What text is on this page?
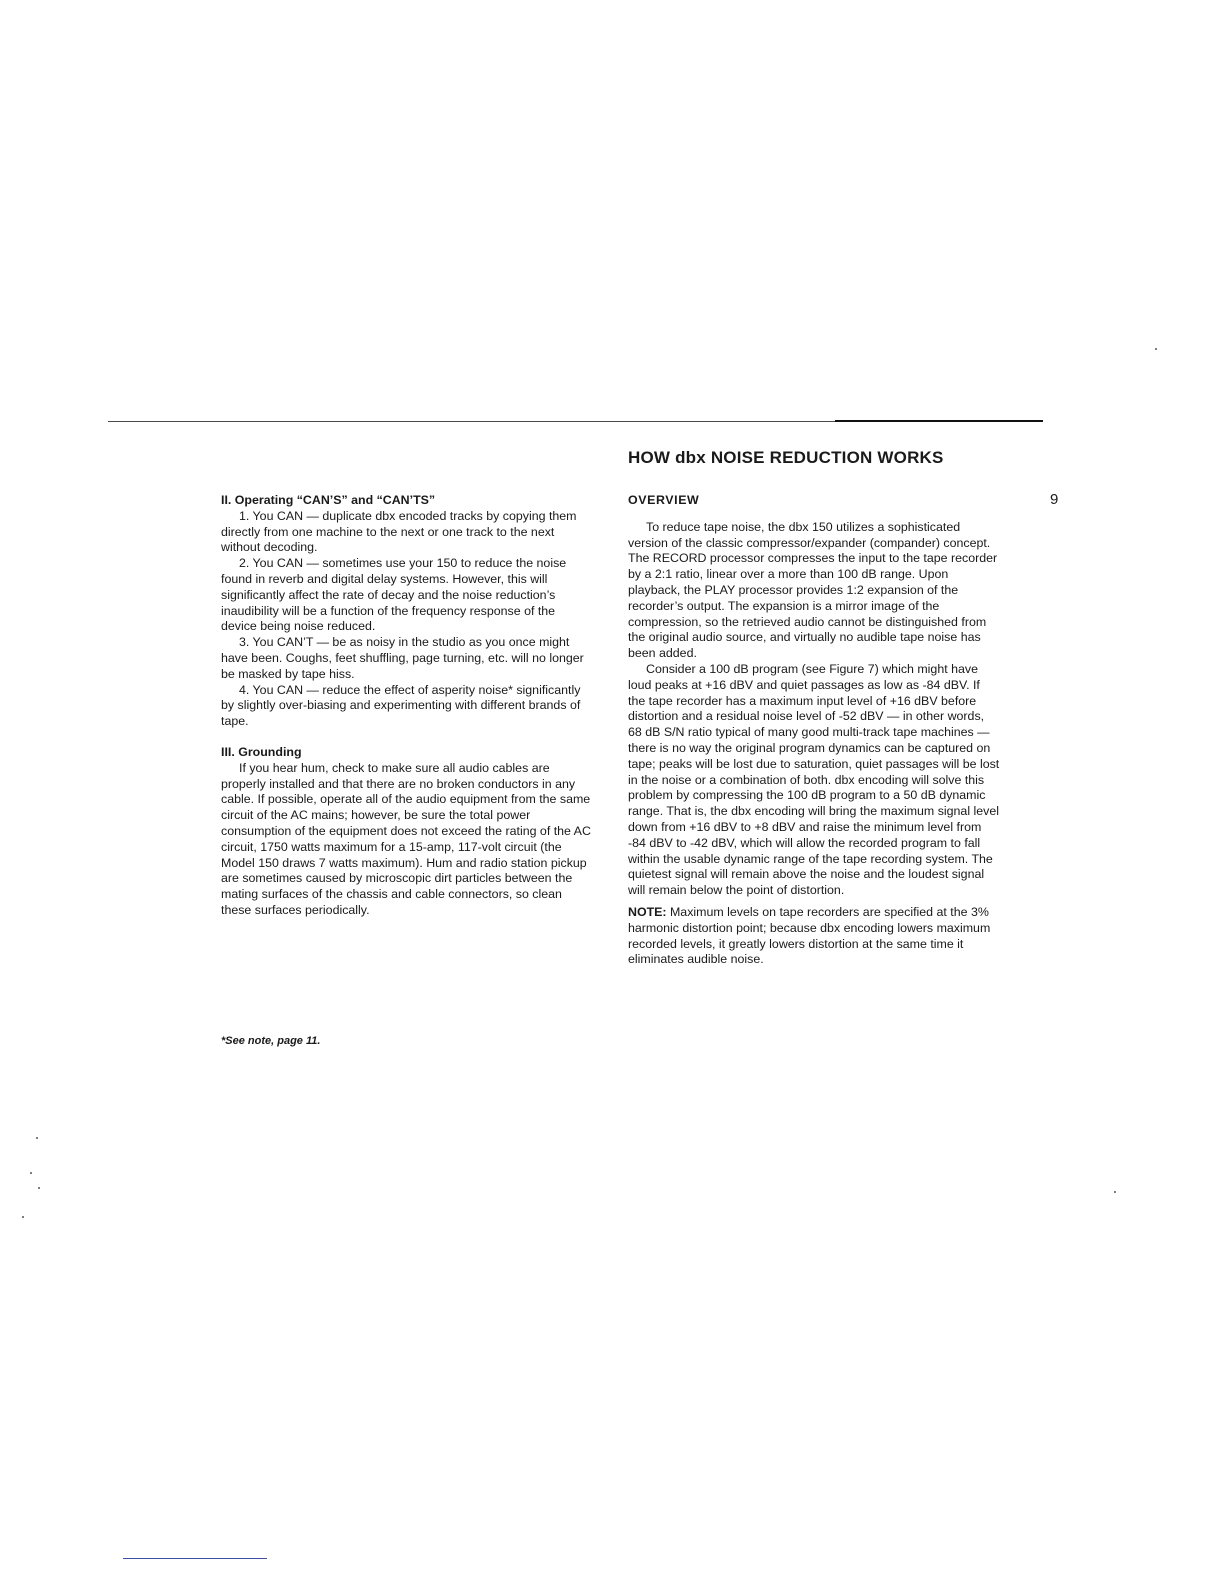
HOW dbx NOISE REDUCTION WORKS
9

II. Operating “CAN’S” and “CAN’TS”

1. You CAN — duplicate dbx encoded tracks by copying them directly from one machine to the next or one track to the next without decoding.

2. You CAN — sometimes use your 150 to reduce the noise found in reverb and digital delay systems. However, this will significantly affect the rate of decay and the noise reduction’s inaudibility will be a function of the frequency response of the device being noise reduced.

3. You CAN’T — be as noisy in the studio as you once might have been. Coughs, feet shuffling, page turning, etc. will no longer be masked by tape hiss.

4. You CAN — reduce the effect of asperity noise* significantly by slightly over-biasing and experimenting with different brands of tape.

III. Grounding

If you hear hum, check to make sure all audio cables are properly installed and that there are no broken conductors in any cable. If possible, operate all of the audio equipment from the same circuit of the AC mains; however, be sure the total power consumption of the equipment does not exceed the rating of the AC circuit, 1750 watts maximum for a 15-amp, 117-volt circuit (the Model 150 draws 7 watts maximum). Hum and radio station pickup are sometimes caused by microscopic dirt particles between the mating surfaces of the chassis and cable connectors, so clean these surfaces periodically.

OVERVIEW

To reduce tape noise, the dbx 150 utilizes a sophisticated version of the classic compressor/expander (compander) concept. The RECORD processor compresses the input to the tape recorder by a 2:1 ratio, linear over a more than 100 dB range. Upon playback, the PLAY processor provides 1:2 expansion of the recorder’s output. The expansion is a mirror image of the compression, so the retrieved audio cannot be distinguished from the original audio source, and virtually no audible tape noise has been added.

Consider a 100 dB program (see Figure 7) which might have loud peaks at +16 dBV and quiet passages as low as -84 dBV. If the tape recorder has a maximum input level of +16 dBV before distortion and a residual noise level of -52 dBV — in other words, 68 dB S/N ratio typical of many good multi-track tape machines — there is no way the original program dynamics can be captured on tape; peaks will be lost due to saturation, quiet passages will be lost in the noise or a combination of both. dbx encoding will solve this problem by compressing the 100 dB program to a 50 dB dynamic range. That is, the dbx encoding will bring the maximum signal level down from +16 dBV to +8 dBV and raise the minimum level from -84 dBV to -42 dBV, which will allow the recorded program to fall within the usable dynamic range of the tape recording system. The quietest signal will remain above the noise and the loudest signal will remain below the point of distortion.

NOTE: Maximum levels on tape recorders are specified at the 3% harmonic distortion point; because dbx encoding lowers maximum recorded levels, it greatly lowers distortion at the same time it eliminates audible noise.

*See note, page 11.
